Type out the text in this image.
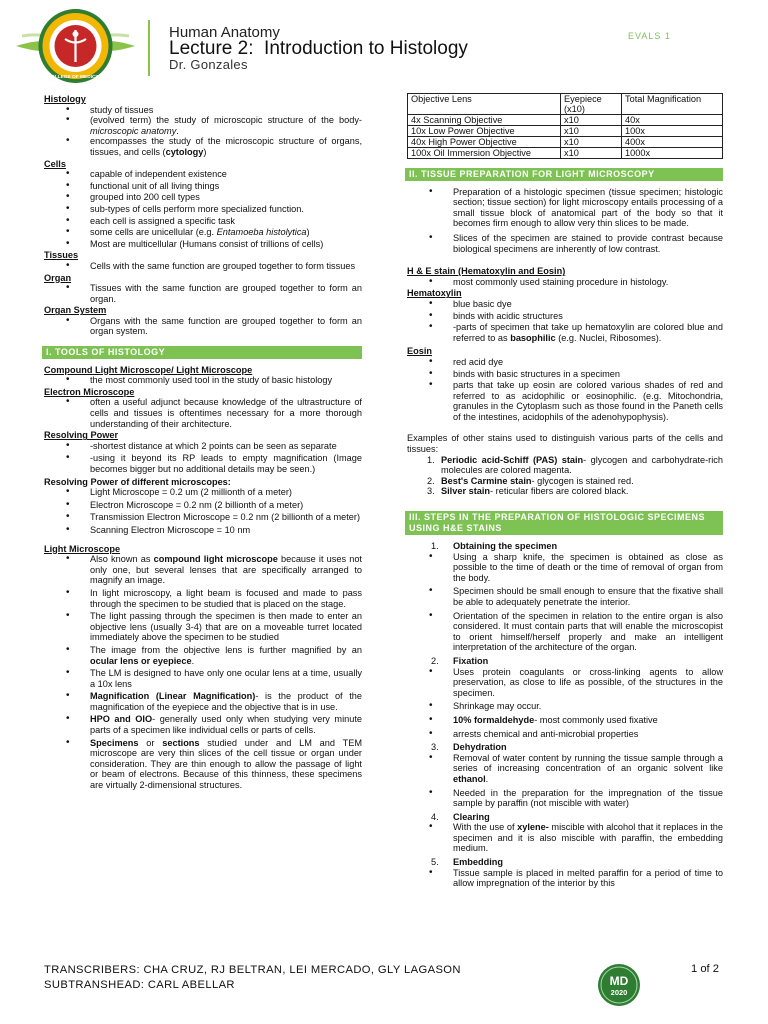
COLLEGE OF MEDICINE
Human Anatomy
Lecture 2:  Introduction to Histology
Dr. Gonzales
EVALS 1
Histology
• study of tissues
• (evolved term) the study of microscopic structure of the body- microscopic anatomy.
• encompasses the study of the microscopic structure of organs, tissues, and cells (cytology)
Cells
• capable of independent existence
• functional unit of all living things
• grouped into 200 cell types
• sub-types of cells perform more specialized function.
• each cell is assigned a specific task
• some cells are unicellular (e.g. Entamoeba histolytica)
• Most are multicellular (Humans consist of trillions of cells)
Tissues
• Cells with the same function are grouped together to form tissues
Organ
• Tissues with the same function are grouped together to form an organ.
Organ System
• Organs with the same function are grouped together to form an organ system.
I. TOOLS OF HISTOLOGY
Compound Light Microscope/ Light Microscope
• the most commonly used tool in the study of basic histology
Electron Microscope
• often a useful adjunct because knowledge of the ultrastructure of cells and tissues is oftentimes necessary for a more thorough understanding of their architecture.
Resolving Power
• -shortest distance at which 2 points can be seen as separate
• -using it beyond its RP leads to empty magnification (Image becomes bigger but no additional details may be seen.)
Resolving Power of different microscopes:
• Light Microscope = 0.2 um (2 millionth of a meter)
• Electron Microscope = 0.2 nm (2 billionth of a meter)
• Transmission Electron Microscope = 0.2 nm (2 billionth of a meter)
• Scanning Electron Microscope = 10 nm
Light Microscope
• Also known as compound light microscope because it uses not only one, but several lenses that are specifically arranged to magnify an image.
• In light microscopy, a light beam is focused and made to pass through the specimen to be studied that is placed on the stage.
• The light passing through the specimen is then made to enter an objective lens (usually 3-4) that are on a moveable turret located immediately above the specimen to be studied
• The image from the objective lens is further magnified by an ocular lens or eyepiece.
• The LM is designed to have only one ocular lens at a time, usually a 10x lens
• Magnification (Linear Magnification)- is the product of the magnification of the eyepiece and the objective that is in use.
• HPO and OIO- generally used only when studying very minute parts of a specimen like individual cells or parts of cells.
• Specimens or sections studied under and LM and TEM microscope are very thin slices of the cell tissue or organ under consideration. They are thin enough to allow the passage of light or beam of electrons. Because of this thinness, these specimens are virtually 2-dimensional structures.
Objective Lens	Eyepiece (x10)	Total Magnification
4x Scanning Objective	x10	40x
10x Low Power Objective	x10	100x
40x High Power Objective	x10	400x
100x Oil Immersion Objective	x10	1000x
II. TISSUE PREPARATION FOR LIGHT MICROSCOPY
• Preparation of a histologic specimen (tissue specimen; histologic section; tissue section) for light microscopy entails processing of a small tissue block of anatomical part of the body so that it becomes firm enough to allow very thin slices to be made.
• Slices of the specimen are stained to provide contrast because biological specimens are inherently of low contrast.
H & E stain (Hematoxylin and Eosin)
• most commonly used staining procedure in histology.
Hematoxylin
• blue basic dye
• binds with acidic structures
• -parts of specimen that take up hematoxylin are colored blue and referred to as basophilic (e.g. Nuclei, Ribosomes).
Eosin
• red acid dye
• binds with basic structures in a specimen
• parts that take up eosin are colored various shades of red and referred to as acidophilic or eosinophilic. (e.g. Mitochondria, granules in the Cytoplasm such as those found in the Paneth cells of the intestines, acidophils of the adenohypophysis).
Examples of other stains used to distinguish various parts of the cells and tissues:
1. Periodic acid-Schiff (PAS) stain- glycogen and carbohydrate-rich molecules are colored magenta.
2. Best's Carmine stain- glycogen is stained red.
3. Silver stain- reticular fibers are colored black.
III. STEPS IN THE PREPARATION OF HISTOLOGIC SPECIMENS USING H&E STAINS
1. Obtaining the specimen
• Using a sharp knife, the specimen is obtained as close as possible to the time of death or the time of removal of organ from the body.
• Specimen should be small enough to ensure that the fixative shall be able to adequately penetrate the interior.
• Orientation of the specimen in relation to the entire organ is also considered. It must contain parts that will enable the microscopist to orient himself/herself properly and make an intelligent interpretation of the architecture of the organ.
2. Fixation
• Uses protein coagulants or cross-linking agents to allow preservation, as close to life as possible, of the structures in the specimen.
• Shrinkage may occur.
• 10% formaldehyde- most commonly used fixative
• arrests chemical and anti-microbial properties
3. Dehydration
• Removal of water content by running the tissue sample through a series of increasing concentration of an organic solvent like ethanol.
• Needed in the preparation for the impregnation of the tissue sample by paraffin (not miscible with water)
4. Clearing
• With the use of xylene- miscible with alcohol that it replaces in the specimen and it is also miscible with paraffin, the embedding medium.
5. Embedding
• Tissue sample is placed in melted paraffin for a period of time to allow impregnation of the interior by this
TRANSCRIBERS: CHA CRUZ, RJ BELTRAN, LEI MERCADO, GLY LAGASON
SUBTRANSHEAD: CARL ABELLAR	MD
2020
1 of 2
